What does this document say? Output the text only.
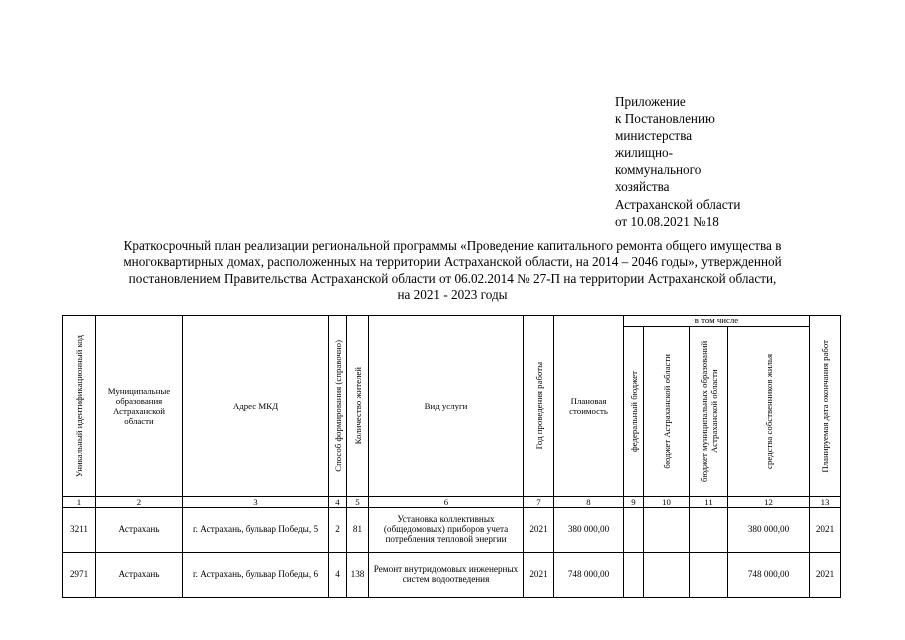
Приложение
к Постановлению
министерства
жилищно-
коммунального
хозяйства
Астраханской области
от 10.08.2021 №18
Краткосрочный план реализации региональной программы «Проведение капитального ремонта общего имущества в
многоквартирных домах, расположенных на территории Астраханской области, на 2014 – 2046 годы», утвержденной
постановлением Правительства Астраханской области от 06.02.2014 № 27-П на территории Астраханской области,
на 2021 - 2023 годы
Уникальный идентификационный код	Муниципальные образования Астраханской области	Адрес МКД	Способ формирования (справочно)	Количество жителей	Вид услуги	Год проведения работы	Плановая стоимость	в том числе				Планируемая дата окончания работ

								федеральный бюджет	бюджет Астраханской области	бюджет муниципальных образований Астраханской области	средства собственников жилья	

1	2	3	4	5	6	7	8	9	10	11	12	13
3211	Астрахань	г. Астрахань, бульвар Победы, 5	2	81	Установка коллективных (общедомовых) приборов учета потребления тепловой энергии	2021	380 000,00				380 000,00	2021
2971	Астрахань	г. Астрахань, бульвар Победы, 6	4	138	Ремонт внутридомовых инженерных систем водоотведения	2021	748 000,00				748 000,00	2021
